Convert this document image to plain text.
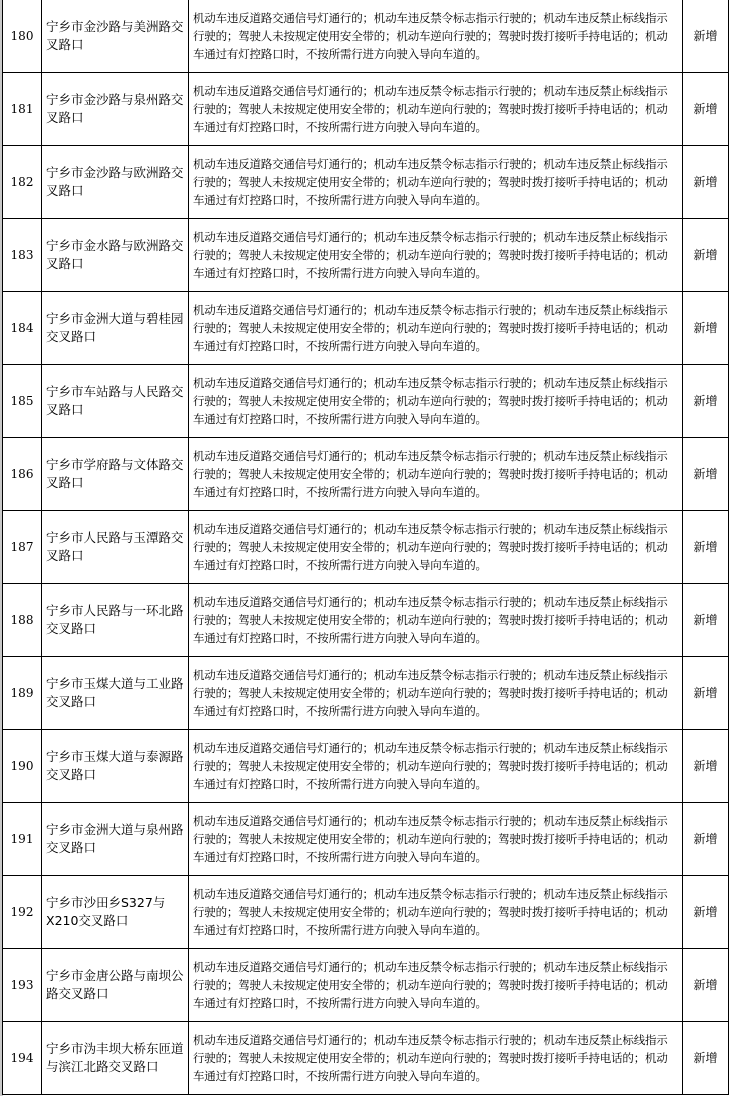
180	宁乡市金沙路与美洲路交叉路口	机动车违反道路交通信号灯通行的；机动车违反禁令标志指示行驶的；机动车违反禁止标线指示行驶的；驾驶人未按规定使用安全带的；机动车逆向行驶的；驾驶时拨打接听手持电话的；机动车通过有灯控路口时，不按所需行进方向驶入导向车道的。	新增
181	宁乡市金沙路与泉州路交叉路口	机动车违反道路交通信号灯通行的；机动车违反禁令标志指示行驶的；机动车违反禁止标线指示行驶的；驾驶人未按规定使用安全带的；机动车逆向行驶的；驾驶时拨打接听手持电话的；机动车通过有灯控路口时，不按所需行进方向驶入导向车道的。	新增
182	宁乡市金沙路与欧洲路交叉路口	机动车违反道路交通信号灯通行的；机动车违反禁令标志指示行驶的；机动车违反禁止标线指示行驶的；驾驶人未按规定使用安全带的；机动车逆向行驶的；驾驶时拨打接听手持电话的；机动车通过有灯控路口时，不按所需行进方向驶入导向车道的。	新增
183	宁乡市金水路与欧洲路交叉路口	机动车违反道路交通信号灯通行的；机动车违反禁令标志指示行驶的；机动车违反禁止标线指示行驶的；驾驶人未按规定使用安全带的；机动车逆向行驶的；驾驶时拨打接听手持电话的；机动车通过有灯控路口时，不按所需行进方向驶入导向车道的。	新增
184	宁乡市金洲大道与碧桂园交叉路口	机动车违反道路交通信号灯通行的；机动车违反禁令标志指示行驶的；机动车违反禁止标线指示行驶的；驾驶人未按规定使用安全带的；机动车逆向行驶的；驾驶时拨打接听手持电话的；机动车通过有灯控路口时，不按所需行进方向驶入导向车道的。	新增
185	宁乡市车站路与人民路交叉路口	机动车违反道路交通信号灯通行的；机动车违反禁令标志指示行驶的；机动车违反禁止标线指示行驶的；驾驶人未按规定使用安全带的；机动车逆向行驶的；驾驶时拨打接听手持电话的；机动车通过有灯控路口时，不按所需行进方向驶入导向车道的。	新增
186	宁乡市学府路与文体路交叉路口	机动车违反道路交通信号灯通行的；机动车违反禁令标志指示行驶的；机动车违反禁止标线指示行驶的；驾驶人未按规定使用安全带的；机动车逆向行驶的；驾驶时拨打接听手持电话的；机动车通过有灯控路口时，不按所需行进方向驶入导向车道的。	新增
187	宁乡市人民路与玉潭路交叉路口	机动车违反道路交通信号灯通行的；机动车违反禁令标志指示行驶的；机动车违反禁止标线指示行驶的；驾驶人未按规定使用安全带的；机动车逆向行驶的；驾驶时拨打接听手持电话的；机动车通过有灯控路口时，不按所需行进方向驶入导向车道的。	新增
188	宁乡市人民路与一环北路交叉路口	机动车违反道路交通信号灯通行的；机动车违反禁令标志指示行驶的；机动车违反禁止标线指示行驶的；驾驶人未按规定使用安全带的；机动车逆向行驶的；驾驶时拨打接听手持电话的；机动车通过有灯控路口时，不按所需行进方向驶入导向车道的。	新增
189	宁乡市玉煤大道与工业路交叉路口	机动车违反道路交通信号灯通行的；机动车违反禁令标志指示行驶的；机动车违反禁止标线指示行驶的；驾驶人未按规定使用安全带的；机动车逆向行驶的；驾驶时拨打接听手持电话的；机动车通过有灯控路口时，不按所需行进方向驶入导向车道的。	新增
190	宁乡市玉煤大道与泰源路交叉路口	机动车违反道路交通信号灯通行的；机动车违反禁令标志指示行驶的；机动车违反禁止标线指示行驶的；驾驶人未按规定使用安全带的；机动车逆向行驶的；驾驶时拨打接听手持电话的；机动车通过有灯控路口时，不按所需行进方向驶入导向车道的。	新增
191	宁乡市金洲大道与泉州路交叉路口	机动车违反道路交通信号灯通行的；机动车违反禁令标志指示行驶的；机动车违反禁止标线指示行驶的；驾驶人未按规定使用安全带的；机动车逆向行驶的；驾驶时拨打接听手持电话的；机动车通过有灯控路口时，不按所需行进方向驶入导向车道的。	新增
192	宁乡市沙田乡S327与X210交叉路口	机动车违反道路交通信号灯通行的；机动车违反禁令标志指示行驶的；机动车违反禁止标线指示行驶的；驾驶人未按规定使用安全带的；机动车逆向行驶的；驾驶时拨打接听手持电话的；机动车通过有灯控路口时，不按所需行进方向驶入导向车道的。	新增
193	宁乡市金唐公路与南坝公路交叉路口	机动车违反道路交通信号灯通行的；机动车违反禁令标志指示行驶的；机动车违反禁止标线指示行驶的；驾驶人未按规定使用安全带的；机动车逆向行驶的；驾驶时拨打接听手持电话的；机动车通过有灯控路口时，不按所需行进方向驶入导向车道的。	新增
194	宁乡市沩丰坝大桥东匝道与滨江北路交叉路口	机动车违反道路交通信号灯通行的；机动车违反禁令标志指示行驶的；机动车违反禁止标线指示行驶的；驾驶人未按规定使用安全带的；机动车逆向行驶的；驾驶时拨打接听手持电话的；机动车通过有灯控路口时，不按所需行进方向驶入导向车道的。	新增
